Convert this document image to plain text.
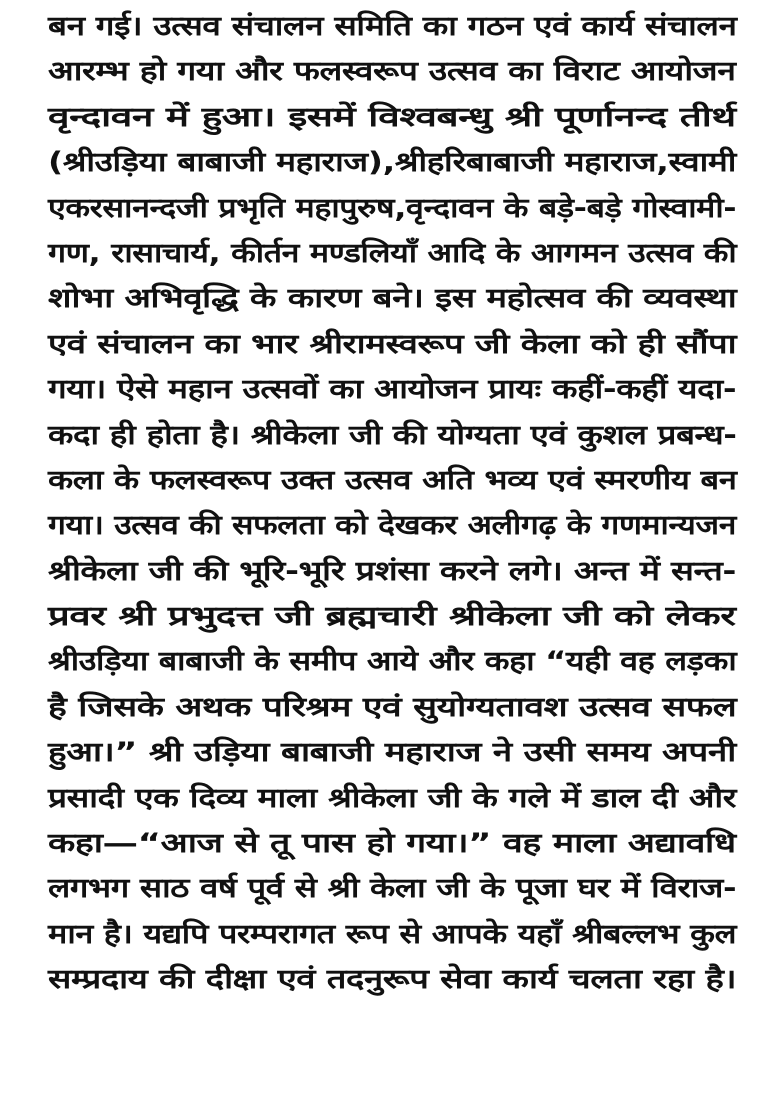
बन गई। उत्सव संचालन समिति का गठन एवं कार्य संचालन
आरम्भ हो गया और फलस्वरूप उत्सव का विराट आयोजन
वृन्दावन में हुआ। इसमें विश्वबन्धु श्री पूर्णानन्द तीर्थ
(श्रीउड़िया बाबाजी महाराज),श्रीहरिबाबाजी महाराज,स्वामी
एकरसानन्दजी प्रभृति महापुरुष,वृन्दावन के बड़े-बड़े गोस्वामी-
गण, रासाचार्य, कीर्तन मण्डलियाँ आदि के आगमन उत्सव की
शोभा अभिवृद्धि के कारण बने। इस महोत्सव की व्यवस्था
एवं संचालन का भार श्रीरामस्वरूप जी केला को ही सौंपा
गया। ऐसे महान उत्सवों का आयोजन प्रायः कहीं-कहीं यदा-
कदा ही होता है। श्रीकेला जी की योग्यता एवं कुशल प्रबन्ध-
कला के फलस्वरूप उक्त उत्सव अति भव्य एवं स्मरणीय बन
गया। उत्सव की सफलता को देखकर अलीगढ़ के गणमान्यजन
श्रीकेला जी की भूरि-भूरि प्रशंसा करने लगे। अन्त में सन्त-
प्रवर श्री प्रभुदत्त जी ब्रह्मचारी श्रीकेला जी को लेकर
श्रीउड़िया बाबाजी के समीप आये और कहा “यही वह लड़का
है जिसके अथक परिश्रम एवं सुयोग्यतावश उत्सव सफल
हुआ।” श्री उड़िया बाबाजी महाराज ने उसी समय अपनी
प्रसादी एक दिव्य माला श्रीकेला जी के गले में डाल दी और
कहा—“आज से तू पास हो गया।” वह माला अद्यावधि
लगभग साठ वर्ष पूर्व से श्री केला जी के पूजा घर में विराज-
मान है। यद्यपि परम्परागत रूप से आपके यहाँ श्रीबल्लभ कुल
सम्प्रदाय की दीक्षा एवं तदनुरूप सेवा कार्य चलता रहा है।
